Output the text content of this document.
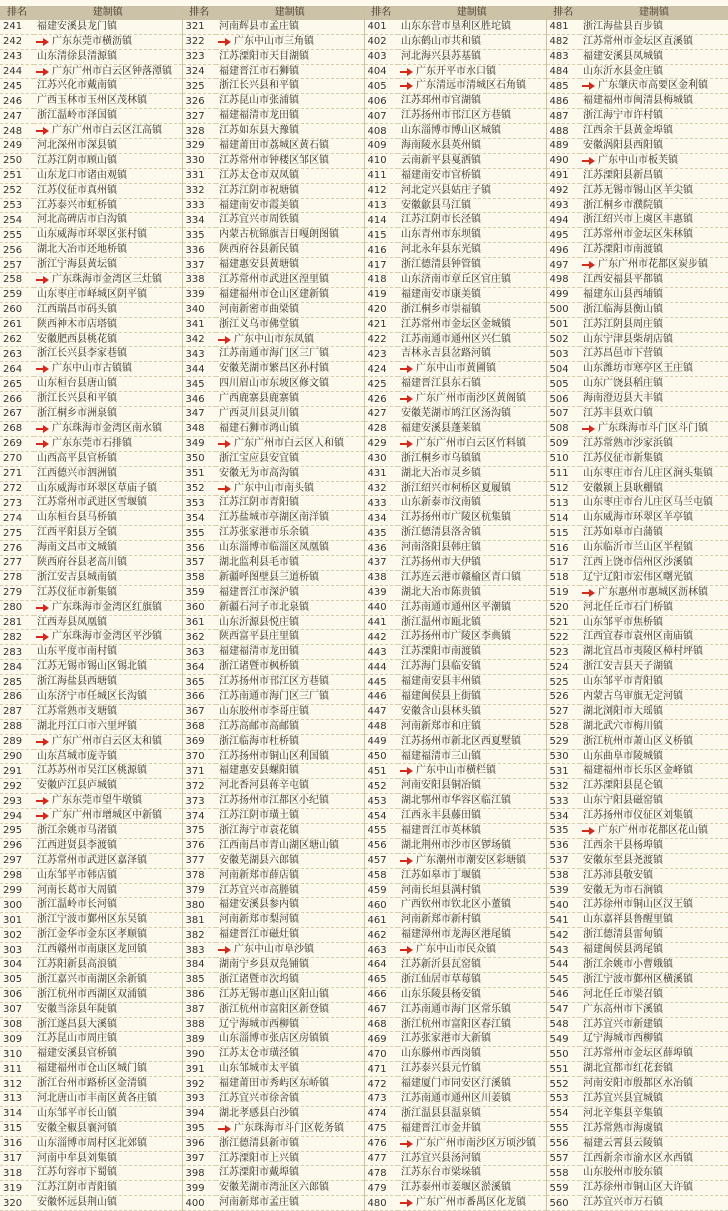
排名	建制镇	排名	建制镇	排名	建制镇	排名	建制镇
241	福建安溪县龙门镇	321	河南辉县市孟庄镇	401	山东东营市垦利区胜坨镇	481	浙江海盐县百步镇

242	广东东莞市横沥镇	322	广东中山市三角镇	402	山东鹤山市共和镇	482	江苏常州市金坛区直溪镇

243	山东清徐县清源镇	323	江苏溧阳市天目湖镇	403	河北海兴县苏基镇	483	福建安溪县凤城镇

244	广东广州市白云区钟落潭镇	324	福建晋江市石狮镇	404	广东开平市水口镇	484	山东沂水县金庄镇

245	江苏兴化市戴南镇	325	浙江长兴县和平镇	405	广东清远市清城区石角镇	485	广东肇庆市高要区金利镇

246	广西玉林市玉州区茂林镇	326	江苏昆山市张浦镇	406	江苏邳州市官湖镇	486	福建福州市闽清县梅城镇

247	浙江温岭市泽国镇	327	福建福清市龙田镇	407	江苏扬州市邗江区方巷镇	487	浙江海宁市许村镇

248	广东广州市白云区江高镇	328	江苏如东县大豫镇	408	山东淄博市博山区城镇	488	江西余干县黄金埠镇

249	河北深州市深县镇	329	福建莆田市荔城区黄石镇	409	海南陵水县英州镇	489	安徽涡阳县西阳镇

250	江苏江阴市顾山镇	330	江苏常州市钟楼区邹区镇	410	云南新平县戛洒镇	490	广东中山市板芙镇

251	山东龙口市诸由观镇	331	江苏太仓市双凤镇	411	福建南安市官桥镇	491	江苏溧阳县新昌镇

252	江苏仪征市真州镇	332	江苏江阴市祝塘镇	412	河北定兴县姑庄子镇	492	江苏无锡市锡山区羊尖镇

253	江苏泰兴市虹桥镇	333	福建南安市霞美镇	413	安徽歙县马江镇	493	浙江桐乡市濮院镇

254	河北高碑店市白沟镇	334	江苏宜兴市周铁镇	414	江苏江阴市长泾镇	494	浙江绍兴市上虞区丰惠镇

255	山东威海市环翠区张村镇	335	内蒙古杭锦旗吉日嘎朗图镇	415	山东青州市东坝镇	495	江苏常州市金坛区朱林镇

256	湖北大冶市还地桥镇	336	陕西府谷县新民镇	416	河北永年县东光镇	496	江苏溧阳市南渡镇

257	浙江宁海县黄坛镇	337	福建惠安县黄塘镇	417	浙江德清县钟管镇	497	广东广州市花都区炭步镇

258	广东珠海市金湾区三灶镇	338	江苏常州市武进区湟里镇	418	山东济南市章丘区官庄镇	498	江西安福县平都镇

259	山东枣庄市峄城区阴平镇	339	福建福州市仓山区建新镇	419	福建南安市康美镇	499	福建东山县西埔镇

260	江西瑞昌市码头镇	340	河南新密市曲梁镇	420	浙江桐乡市崇福镇	500	浙江临海县衡山镇

261	陕西神木市店塔镇	341	浙江义乌市佛堂镇	421	江苏常州市金坛区金城镇	501	江苏江阴县周庄镇

262	安徽肥西县桃花镇	342	广东中山市东凤镇	422	江苏南通市通州区兴仁镇	502	山东宁津县柴胡店镇

263	浙江长兴县李家巷镇	343	江苏南通市海门区三厂镇	423	吉林永吉县岔路河镇	503	江苏昌邑市下营镇

264	广东中山市古镇镇	344	安徽芜湖市繁昌区孙村镇	424	广东中山市黄圃镇	504	山东潍坊市寒亭区王庄镇

265	山东桓台县唐山镇	345	四川眉山市东坡区修文镇	425	福建晋江县东石镇	505	山东广饶县稻庄镇

266	浙江长兴县和平镇	346	广西鹿寨县鹿寨镇	426	广东广州市南沙区黄阁镇	506	海南澄迈县大丰镇

267	浙江桐乡市洲泉镇	347	广西灵川县灵川镇	427	安徽芜湖市鸠江区汤沟镇	507	江苏丰县欢口镇

268	广东珠海市金湾区南水镇	348	福建石狮市鸿山镇	428	福建安溪县蓬莱镇	508	广东珠海市斗门区斗门镇

269	广东东莞市石排镇	349	广东广州市白云区人和镇	429	广东广州市白云区竹料镇	509	江苏常熟市沙家浜镇

270	山西高平县官桥镇	350	浙江宝应县安宜镇	430	浙江桐乡市乌镇镇	510	江苏仪征市新集镇

271	江西德兴市泗洲镇	351	安徽无为市高沟镇	431	湖北大冶市灵乡镇	511	山东枣庄市台儿庄区涧头集镇

272	山东威海市环翠区草庙子镇	352	广东中山市南头镇	432	浙江绍兴市柯桥区夏履镇	512	安徽颍上县耿棚镇

273	江苏常州市武进区雪堰镇	353	江苏江阴市青阳镇	433	山东新泰市汶南镇	513	山东枣庄市台儿庄区马兰屯镇

274	山东桓台县马桥镇	354	江苏盐城市亭湖区南洋镇	434	江苏扬州市广陵区杭集镇	514	山东威海市环翠区羊亭镇

275	江西平阳县万全镇	355	江苏张家港市乐余镇	435	浙江德清县洛舍镇	515	江苏如皋市白蒲镇

276	海南文昌市文城镇	356	山东淄博市临淄区凤凰镇	436	河南洛阳县韩庄镇	516	山东临沂市兰山区半程镇

277	陕西府谷县老高川镇	357	湖北监利县毛市镇	437	江苏扬州市大伊镇	517	江西上饶市信州区沙溪镇

278	浙江安吉县城南镇	358	新疆呼图壁县三道桥镇	438	江苏连云港市赣榆区青口镇	518	辽宁辽阳市宏伟区曙光镇

279	江苏仪征市新集镇	359	福建晋江市深沪镇	439	湖北大冶市陈贵镇	519	广东惠州市惠城区沥林镇

280	广东珠海市金湾区红旗镇	360	新疆石河子市北泉镇	440	江苏南通市通州区平潮镇	520	河北任丘市石门桥镇

281	江西寿县凤凰镇	361	山东沂源县悦庄镇	441	浙江温州市瓯北镇	521	山东邹平市焦桥镇

282	广东珠海市金湾区平沙镇	362	陕西富平县庄里镇	442	江苏扬州市广陵区李典镇	522	江西宜春市袁州区南庙镇

283	山东平度市南村镇	363	福建福清市龙田镇	443	江苏溧阳市南渡镇	523	湖北宜昌市夷陵区樟村坪镇

284	江苏无锡市锡山区锡北镇	364	浙江诸暨市枫桥镇	444	江苏海门县临安镇	524	浙江安吉县天子湖镇

285	浙江海盐县西塘镇	365	江苏扬州市邗江区方巷镇	445	福建南安县丰州镇	525	山东邹平市青阳镇

286	山东济宁市任城区长沟镇	366	江苏南通市海门区三厂镇	446	福建闽侯县上街镇	526	内蒙古乌审旗无定河镇

287	江苏常熟市支塘镇	367	山东胶州市李哥庄镇	447	安徽含山县林头镇	527	湖北浏阳市大瑶镇

288	湖北丹江口市六里坪镇	368	江苏高邮市高邮镇	448	河南新郑市和庄镇	528	湖北武穴市梅川镇

289	广东广州市白云区太和镇	369	浙江临海市杜桥镇	449	江苏扬州市新北区西夏墅镇	529	浙江杭州市萧山区义桥镇

290	山东莒城市庞寺镇	370	江苏扬州市铜山区利国镇	450	福建福清市三山镇	530	山东曲阜市陵城镇

291	江苏苏州市吴江区桃源镇	371	福建惠安县螺阳镇	451	广东中山市横栏镇	531	福建福州市长乐区金峰镇

292	安徽庐江县庐城镇	372	河北香河县蒋辛屯镇	452	河南安阳县铜冶镇	532	江苏溧阳县昆仑镇

293	广东东莞市望牛墩镇	373	江苏扬州市江都区小纪镇	453	湖北鄂州市华容区临江镇	533	山东宁阳县磁窑镇

294	广东广州市增城区中新镇	374	江苏江阴市璜土镇	454	江西永丰县藤田镇	534	江苏扬州市仪征区刘集镇

295	浙江余姚市马渚镇	375	浙江海宁市袁花镇	455	福建晋江市英林镇	535	广东广州市花都区花山镇

296	江西进贤县李渡镇	376	江西南昌市青山湖区塘山镇	456	湖北荆州市沙市区锣场镇	536	江西余干县杨埠镇

297	江苏常州市武进区嘉泽镇	377	安徽芜湖县六郎镇	457	广东潮州市潮安区彩塘镇	537	安徽东至县尧渡镇

298	山东邹平市韩店镇	378	河南新郑市薛店镇	458	江苏如皋市丁堰镇	538	江苏沛县敬安镇

299	河南长葛市大周镇	379	江苏宜兴市高塍镇	459	河南长垣县满村镇	539	安徽无为市石涧镇

300	浙江温岭市长河镇	380	福建安溪县参内镇	460	广西钦州市钦北区小董镇	540	江苏徐州市铜山区汉王镇

301	浙江宁波市鄞州区东吴镇	381	河南新郑市梨河镇	461	河南新郑市新村镇	541	山东嘉祥县鲁醒里镇

302	浙江金华市金东区孝顺镇	382	福建晋江市磁灶镇	462	福建漳州市龙海区港尾镇	542	浙江德清县雷甸镇

303	江西赣州市南康区龙回镇	383	广东中山市阜沙镇	463	广东中山市民众镇	543	福建闽侯县鸿尾镇

304	江苏阳新县高浪镇	384	湖南宁乡县双凫铺镇	464	江苏新沂县瓦窑镇	544	浙江余姚市小曹娥镇

305	浙江嘉兴市南湖区余新镇	385	浙江诸暨市次坞镇	465	浙江仙居市草莓镇	545	浙江宁波市鄞州区横溪镇

306	浙江杭州市西湖区双浦镇	386	江苏无锡市惠山区阳山镇	466	山东乐陵县杨安镇	546	河北任丘市梁召镇

307	安徽当涂县年陡镇	387	浙江杭州市富阳区新登镇	467	江苏南通市海门区常乐镇	547	广东高州市下溪镇

308	浙江遂昌县大溪镇	388	辽宁海城市西柳镇	468	浙江杭州市富阳区春江镇	548	江苏宜兴市新建镇

309	江苏昆山市周庄镇	389	山东淄博市张店区房镇镇	469	江苏张家港市大新镇	549	辽宁海城市西柳镇

310	福建安溪县官桥镇	390	江苏太仓市璜泾镇	470	山东滕州市西岗镇	550	江苏常州市金坛区薛埠镇

311	福建福州市仓山区城门镇	391	山东邹城市太平镇	471	江苏泰兴县元竹镇	551	湖北宜都市红花套镇

312	浙江台州市路桥区金清镇	392	福建莆田市秀屿区东峤镇	472	福建厦门市同安区汀溪镇	552	河南安阳市殷都区水冶镇

313	河北唐山市丰南区黄各庄镇	393	江苏宜兴市徐舍镇	473	江苏南通市通州区川姜镇	553	江苏宜兴县宜城镇

314	山东邹平市长山镇	394	湖北孝感县白沙镇	474	浙江温县县温泉镇	554	河北辛集县辛集镇

315	安徽全椒县襄河镇	395	广东珠海市斗门区乾务镇	475	福建晋江市金井镇	555	江苏常熟市海虞镇

316	山东淄博市周村区北郊镇	396	浙江德清县新市镇	476	广东广州市南沙区万顷沙镇	556	福建云霄县云陵镇

317	河南中牟县刘集镇	397	江苏溧阳市上兴镇	477	江苏宜兴县汤河镇	557	江西新余市渝水区水西镇

318	江苏句容市下蜀镇	398	江苏溧阳市戴埠镇	478	江苏东台市梁垛镇	558	山东胶州市胶东镇

319	江苏江阴市青阳镇	399	安徽芜湖市湾沚区六郎镇	479	江苏泰州市姜堰区淤溪镇	559	江苏徐州市铜山区大许镇

320	安徽怀远县荆山镇	400	河南新郑市孟庄镇	480	广东广州市番禺区化龙镇	560	江苏宜兴市万石镇
